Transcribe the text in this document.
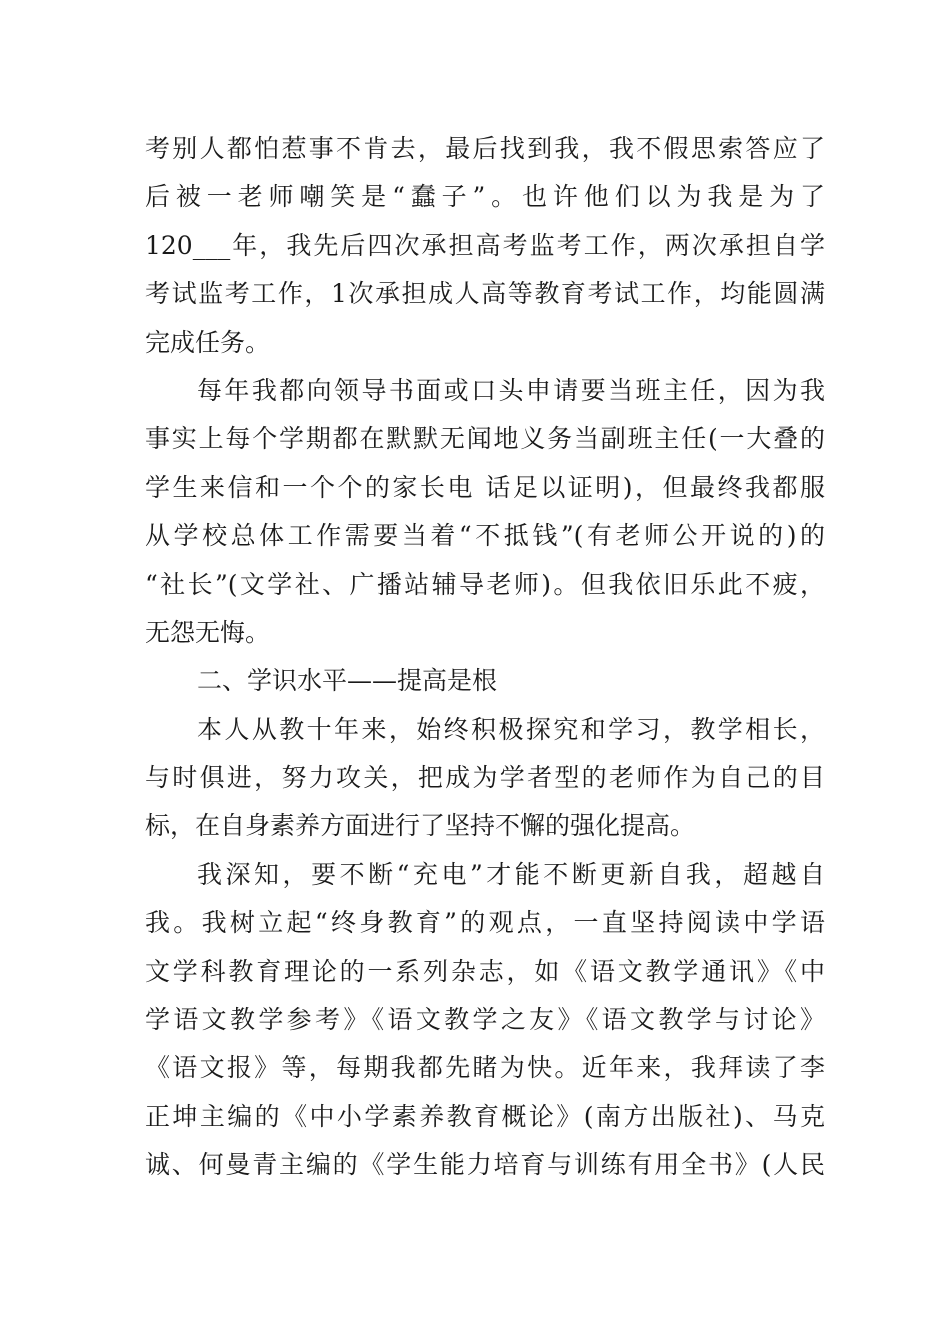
考别人都怕惹事不肯去，最后找到我，我不假思索答应了
后被一老师嘲笑是“蠢子”。也许他们以为我是为了
120___年，我先后四次承担高考监考工作，两次承担自学
考试监考工作，1次承担成人高等教育考试工作，均能圆满
完成任务。
每年我都向领导书面或口头申请要当班主任，因为我
事实上每个学期都在默默无闻地义务当副班主任(一大叠的
学生来信和一个个的家长电 话足以证明)，但最终我都服
从学校总体工作需要当着“不抵钱”(有老师公开说的)的
“社长”(文学社、广播站辅导老师)。但我依旧乐此不疲，
无怨无悔。
二、学识水平——提高是根
本人从教十年来，始终积极探究和学习，教学相长，
与时俱进，努力攻关，把成为学者型的老师作为自己的目
标，在自身素养方面进行了坚持不懈的强化提高。
我深知，要不断“充电”才能不断更新自我，超越自
我。我树立起“终身教育”的观点，一直坚持阅读中学语
文学科教育理论的一系列杂志，如《语文教学通讯》《中
学语文教学参考》《语文教学之友》《语文教学与讨论》
《语文报》等，每期我都先睹为快。近年来，我拜读了李
正坤主编的《中小学素养教育概论》(南方出版社)、马克
诚、何曼青主编的《学生能力培育与训练有用全书》(人民
